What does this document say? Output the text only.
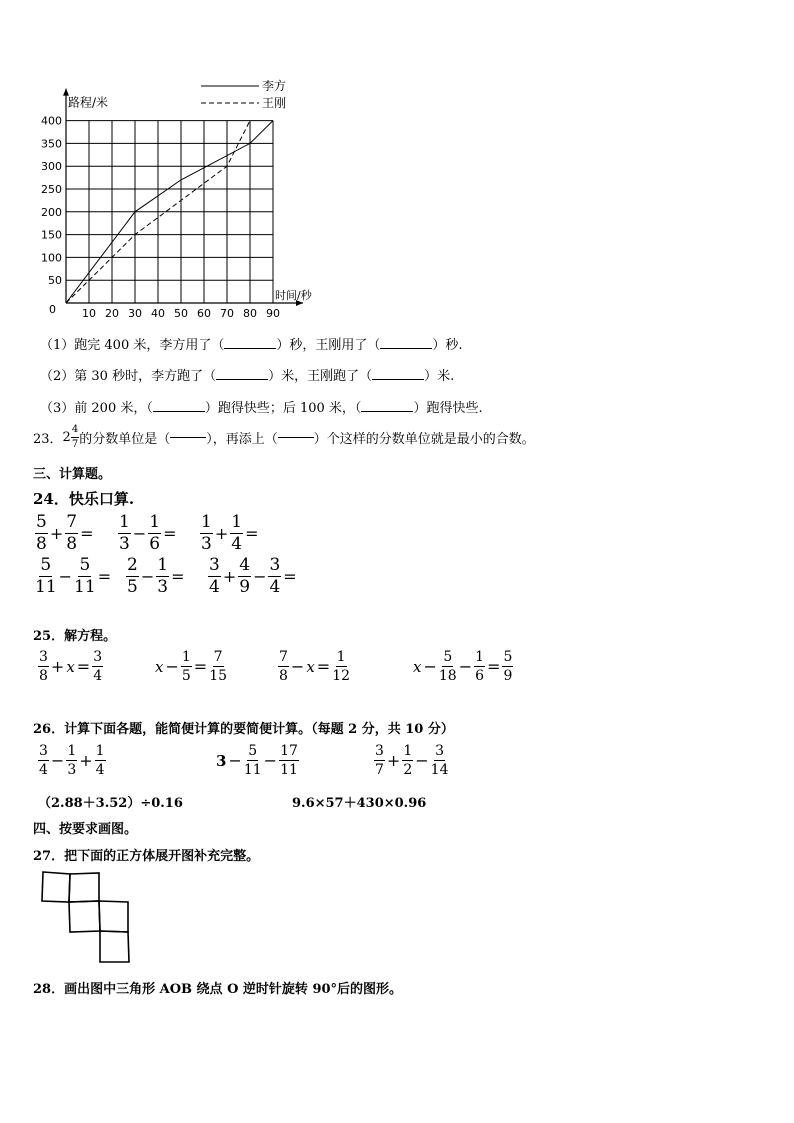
10 20 30 40 50 60 70 80 90
50
100
150
200
250
300
350
400
0
路程/米
时间/秒
李方
王刚
（1）跑完 400 米，李方用了（	）秒，王刚用了（	）秒.
（2）第 30 秒时，李方跑了（	）米，王刚跑了（	）米.
（3）前 200 米，（	）跑得快些；后 100 米，（	）跑得快些.
23． $2 \frac{4}{7}$ 的分数单位是（	），再添上（	）个这样的分数单位就是最小的合数。
三、计算题。
24．快乐口算.
$\frac{5}{8} + \frac{7}{8} = \frac{1}{3} - \frac{1}{6} = \frac{1}{3} + \frac{1}{4}$ =
$\frac{5}{11} - \frac{5}{11} = \frac{2}{5} - \frac{1}{3} = \frac{3}{4} + \frac{4}{9} - \frac{3}{4}$ =
25．解方程。
$\frac{3}{8} + x = \frac{3}{4}$	$x - \frac{1}{5} = \frac{7}{15}$	$\frac{7}{8} - x = \frac{1}{12}$	$x - \frac{5}{18} - \frac{1}{6} = \frac{5}{9}$
26．计算下面各题，能简便计算的要简便计算。（每题 2 分，共 10 分）
$\frac{3}{4} - \frac{1}{3} + \frac{1}{4}$	$3 - \frac{5}{11} - \frac{17}{11}$	$\frac{3}{7} + \frac{1}{2} - \frac{3}{14}$
（2.88＋3.52）÷0.16	9.6×57＋430×0.96
四、按要求画图。
27．把下面的正方体展开图补充完整。
28．画出图中三角形 AOB 绕点 O 逆时针旋转 90°后的图形。
